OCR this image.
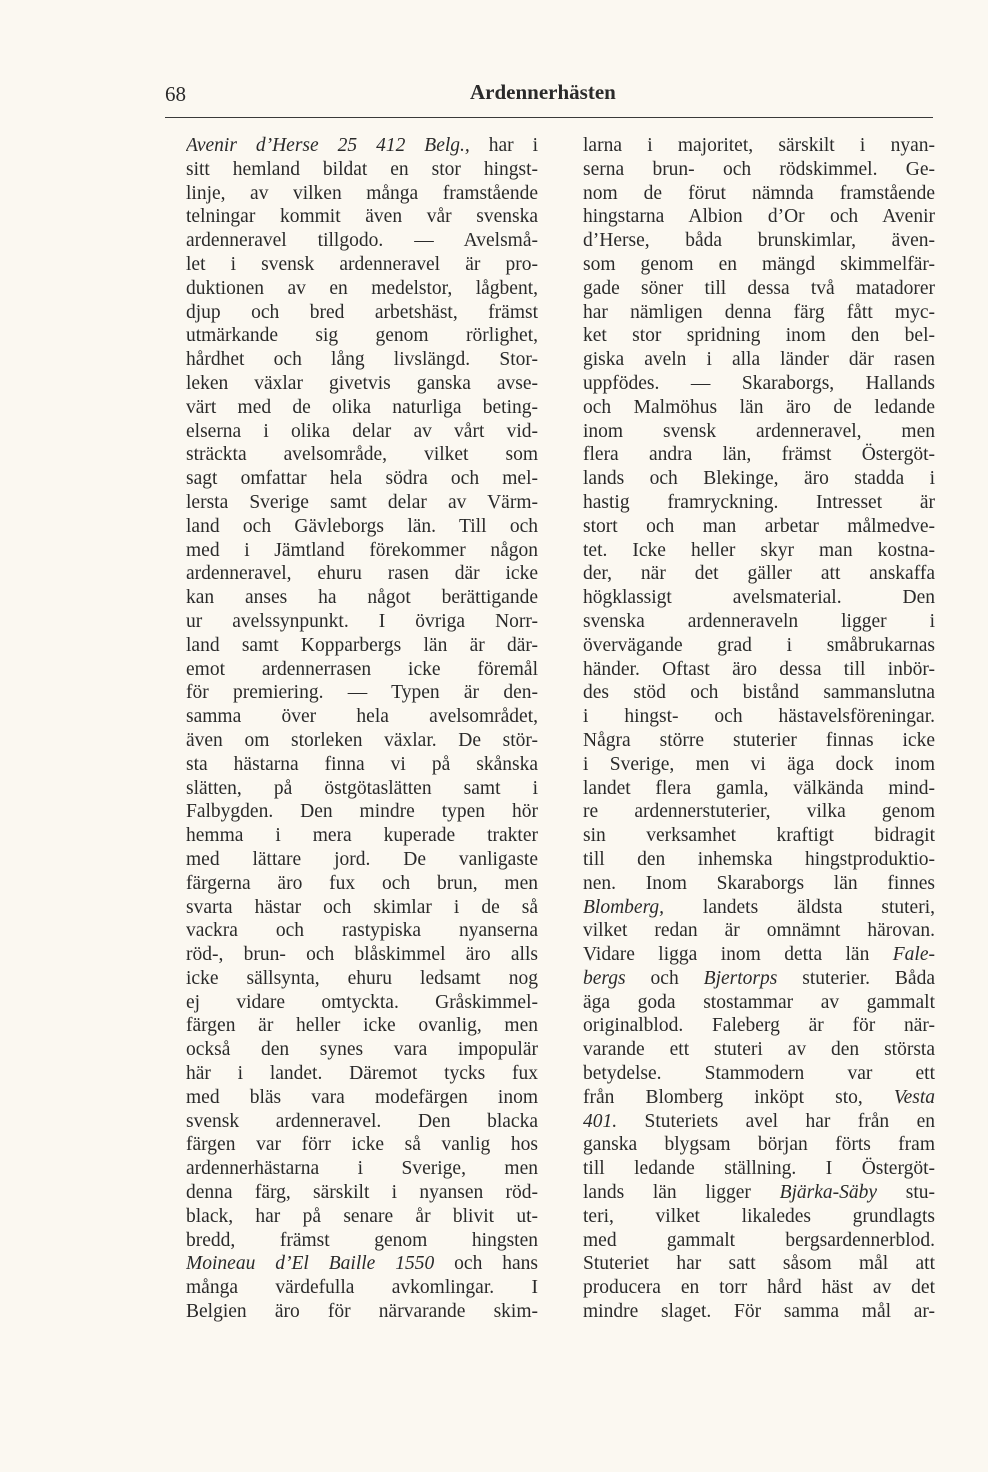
68	Ardennerhästen
Avenir d’Herse 25 412 Belg., har i
sitt hemland bildat en stor hingst-
linje, av vilken många framstående
telningar kommit även vår svenska
ardenneravel tillgodo. — Avelsmå-
let i svensk ardenneravel är pro-
duktionen av en medelstor, lågbent,
djup och bred arbetshäst, främst
utmärkande sig genom rörlighet,
hårdhet och lång livslängd. Stor-
leken växlar givetvis ganska avse-
värt med de olika naturliga beting-
elserna i olika delar av vårt vid-
sträckta avelsområde, vilket som
sagt omfattar hela södra och mel-
lersta Sverige samt delar av Värm-
land och Gävleborgs län. Till och
med i Jämtland förekommer någon
ardenneravel, ehuru rasen där icke
kan anses ha något berättigande
ur avelssynpunkt. I övriga Norr-
land samt Kopparbergs län är där-
emot ardennerrasen icke föremål
för premiering. — Typen är den-
samma över hela avelsområdet,
även om storleken växlar. De stör-
sta hästarna finna vi på skånska
slätten, på östgötaslätten samt i
Falbygden. Den mindre typen hör
hemma i mera kuperade trakter
med lättare jord. De vanligaste
färgerna äro fux och brun, men
svarta hästar och skimlar i de så
vackra och rastypiska nyanserna
röd-, brun- och blåskimmel äro alls
icke sällsynta, ehuru ledsamt nog
ej vidare omtyckta. Gråskimmel-
färgen är heller icke ovanlig, men
också den synes vara impopulär
här i landet. Däremot tycks fux
med bläs vara modefärgen inom
svensk ardenneravel. Den blacka
färgen var förr icke så vanlig hos
ardennerhästarna i Sverige, men
denna färg, särskilt i nyansen röd-
black, har på senare år blivit ut-
bredd, främst genom hingsten
Moineau d’El Baille 1550 och hans
många värdefulla avkomlingar. I
Belgien äro för närvarande skim-
larna i majoritet, särskilt i nyan-
serna brun- och rödskimmel. Ge-
nom de förut nämnda framstående
hingstarna Albion d’Or och Avenir
d’Herse, båda brunskimlar, även-
som genom en mängd skimmelfär-
gade söner till dessa två matadorer
har nämligen denna färg fått myc-
ket stor spridning inom den bel-
giska aveln i alla länder där rasen
uppfödes. — Skaraborgs, Hallands
och Malmöhus län äro de ledande
inom svensk ardenneravel, men
flera andra län, främst Östergöt-
lands och Blekinge, äro stadda i
hastig framryckning. Intresset är
stort och man arbetar målmedve-
tet. Icke heller skyr man kostna-
der, när det gäller att anskaffa
högklassigt avelsmaterial. Den
svenska ardenneraveln ligger i
övervägande grad i småbrukarnas
händer. Oftast äro dessa till inbör-
des stöd och bistånd sammanslutna
i hingst- och hästavelsföreningar.
Några större stuterier finnas icke
i Sverige, men vi äga dock inom
landet flera gamla, välkända mind-
re ardennerstuterier, vilka genom
sin verksamhet kraftigt bidragit
till den inhemska hingstproduktio-
nen. Inom Skaraborgs län finnes
Blomberg, landets äldsta stuteri,
vilket redan är omnämnt härovan.
Vidare ligga inom detta län Fale-
bergs och Bjertorps stuterier. Båda
äga goda stostammar av gammalt
originalblod. Faleberg är för när-
varande ett stuteri av den största
betydelse. Stammodern var ett
från Blomberg inköpt sto, Vesta
401. Stuteriets avel har från en
ganska blygsam början förts fram
till ledande ställning. I Östergöt-
lands län ligger Bjärka-Säby stu-
teri, vilket likaledes grundlagts
med gammalt bergsardennerblod.
Stuteriet har satt såsom mål att
producera en torr hård häst av det
mindre slaget. För samma mål ar-
